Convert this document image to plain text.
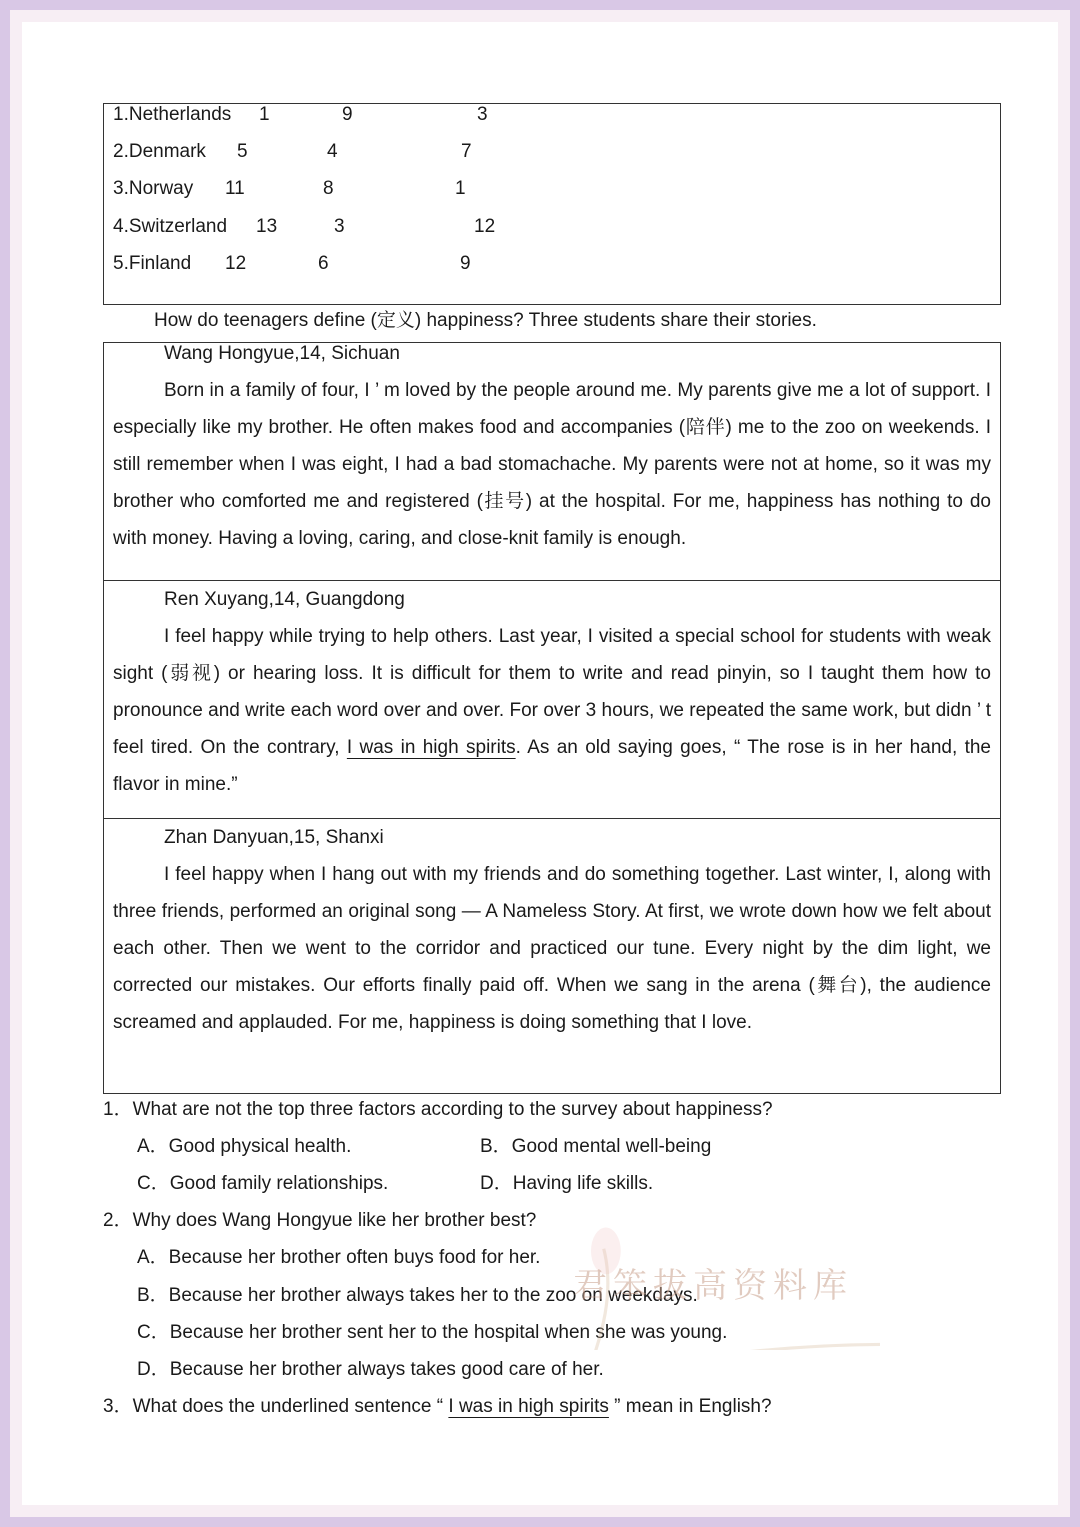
1.Netherlands 1	9	3
2.Denmark 5	4	7
3.Norway 11	8	1
4.Switzerland 13	3	12
5.Finland 12	6	9
How do teenagers define (定义) happiness? Three students share their stories.
Wang Hongyue,14, Sichuan

Born in a family of four, I ’ m loved by the people around me. My parents give me a lot of support. I especially like my brother. He often makes food and accompanies (陪伴) me to the zoo on weekends. I still remember when I was eight, I had a bad stomachache. My parents were not at home, so it was my brother who comforted me and registered (挂号) at the hospital. For me, happiness has nothing to do with money. Having a loving, caring, and close-knit family is enough.

Ren Xuyang,14, Guangdong

I feel happy while trying to help others. Last year, I visited a special school for students with weak sight (弱视) or hearing loss. It is difficult for them to write and read pinyin, so I taught them how to pronounce and write each word over and over. For over 3 hours, we repeated the same work, but didn ’ t feel tired. On the contrary, I was in high spirits. As an old saying goes, “ The rose is in her hand, the flavor in mine.”

Zhan Danyuan,15, Shanxi

I feel happy when I hang out with my friends and do something together. Last winter, I, along with three friends, performed an original song — A Nameless Story. At first, we wrote down how we felt about each other. Then we went to the corridor and practiced our tune. Every night by the dim light, we corrected our mistakes. Our efforts finally paid off. When we sang in the arena (舞台), the audience screamed and applauded. For me, happiness is doing something that I love.

1．What are not the top three factors according to the survey about happiness?
A．Good physical health.	B．Good mental well-being
C．Good family relationships.	D．Having life skills.
2．Why does Wang Hongyue like her brother best?
A．Because her brother often buys food for her.
B．Because her brother always takes her to the zoo on weekdays.
C．Because her brother sent her to the hospital when she was young.
D．Because her brother always takes good care of her.
3．What does the underlined sentence “ I was in high spirits ” mean in English?
君笨拔高资料库
